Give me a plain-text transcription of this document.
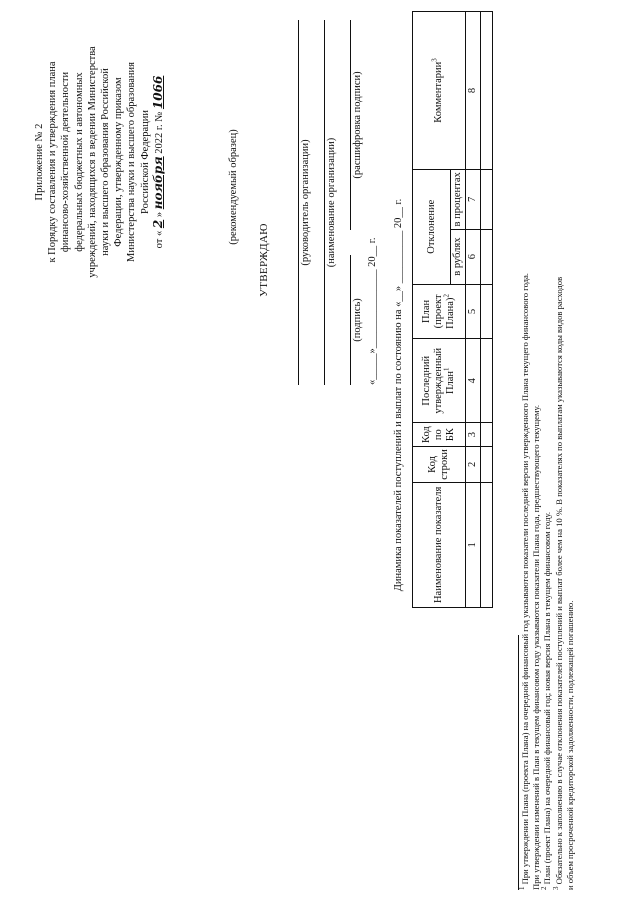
Приложение № 2 к Порядку составления и утверждения плана финансово-хозяйственной деятельности федеральных бюджетных и автономных учреждений, находящихся в ведении Министерства науки и высшего образования Российской Федерации, утвержденному приказом Министерства науки и высшего образования Российской Федерации
от « 2 » ноября 2022 г. № 1066
(рекомендуемый образец)
УТВЕРЖДАЮ	(руководитель организации) (наименование организации)
(подпись)
(расшифровка подписи)
«_____»_______________ 20__ г. Динамика показателей поступлений и выплат по состоянию на «__» __________ 20__ г.	Наименование показателя	Код строки	Код по БК	Последний утвержденный План$^1$	План (проект Плана)$^2$	Отклонение		Комментарии$^3$
					в рублях	в процентах	
1	2	3	4	5	6	7	8

$^1$ При утверждении Плана (проекта Плана) на очередной финансовый год указываются показатели последней версии утвержденного Плана текущего финансового года. При утверждении изменений в План в текущем финансовом году указываются показатели Плана года, предшествующего текущему. $^2$ План (проект Плана) на очередной финансовый год; новая версия Плана в текущем финансовом году.
$^3$ Обязательно к заполнению в случае отклонения показателей поступлений и выплат более чем на 10 %. В показателях по выплатам указываются коды видов расходов и объем просроченной кредиторской задолженности, подлежащей погашению.
